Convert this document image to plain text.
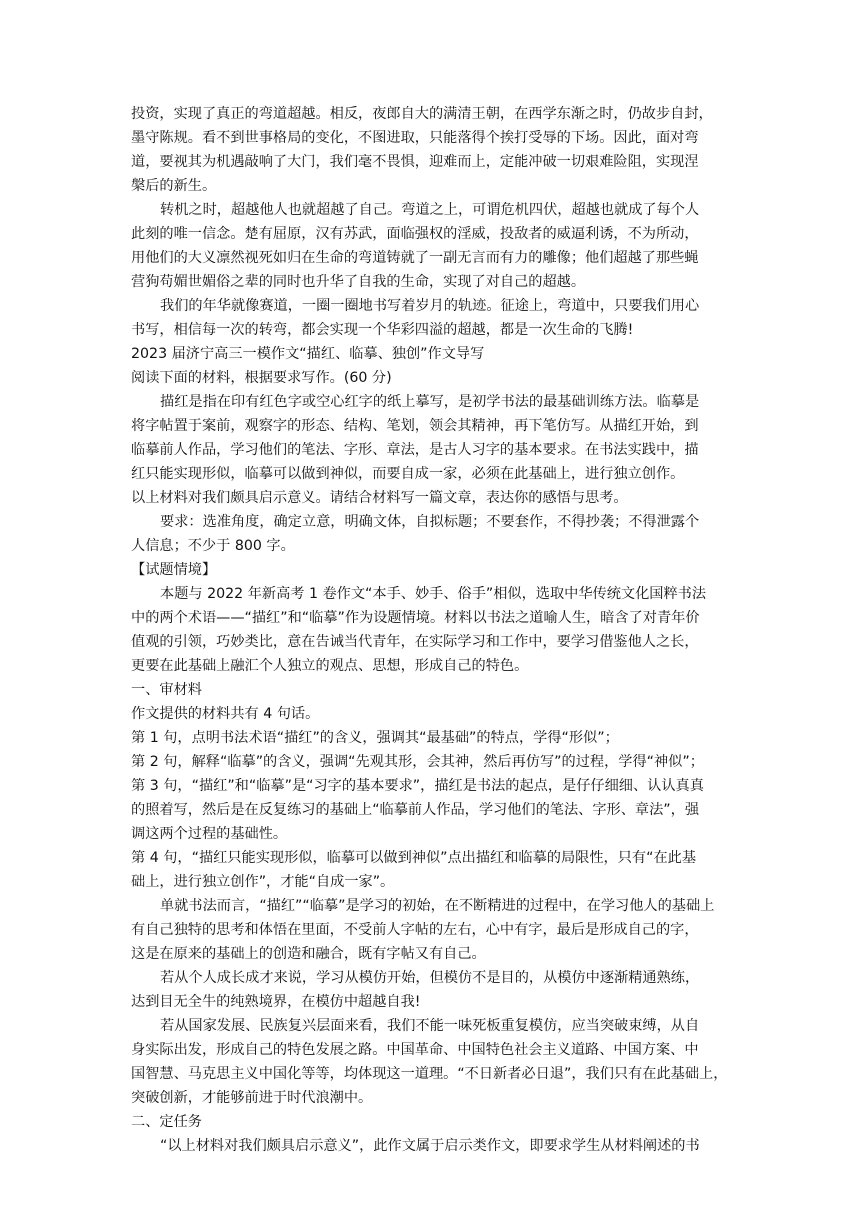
投资，实现了真正的弯道超越。相反，夜郎自大的满清王朝，在西学东渐之时，仍故步自封，
墨守陈规。看不到世事格局的变化，不图进取，只能落得个挨打受辱的下场。因此，面对弯
道，要视其为机遇敲响了大门，我们毫不畏惧，迎难而上，定能冲破一切艰难险阻，实现涅
槃后的新生。
转机之时，超越他人也就超越了自己。弯道之上，可谓危机四伏，超越也就成了每个人
此刻的唯一信念。楚有屈原，汉有苏武，面临强权的淫威，投敌者的威逼利诱，不为所动，
用他们的大义凛然视死如归在生命的弯道铸就了一副无言而有力的雕像；他们超越了那些蝇
营狗苟媚世媚俗之辈的同时也升华了自我的生命，实现了对自己的超越。
我们的年华就像赛道，一圈一圈地书写着岁月的轨迹。征途上，弯道中，只要我们用心
书写，相信每一次的转弯，都会实现一个华彩四溢的超越，都是一次生命的飞腾!
2023 届济宁高三一模作文“描红、临摹、独创”作文导写
阅读下面的材料，根据要求写作。(60 分)
描红是指在印有红色字或空心红字的纸上摹写，是初学书法的最基础训练方法。临摹是
将字帖置于案前，观察字的形态、结构、笔划，领会其精神，再下笔仿写。从描红开始，到
临摹前人作品，学习他们的笔法、字形、章法，是古人习字的基本要求。在书法实践中，描
红只能实现形似，临摹可以做到神似，而要自成一家，必须在此基础上，进行独立创作。
以上材料对我们颇具启示意义。请结合材料写一篇文章，表达你的感悟与思考。
要求：选准角度，确定立意，明确文体，自拟标题；不要套作，不得抄袭；不得泄露个
人信息；不少于 800 字。
【试题情境】
本题与 2022 年新高考 1 卷作文“本手、妙手、俗手”相似，选取中华传统文化国粹书法
中的两个术语——“描红”和“临摹”作为设题情境。材料以书法之道喻人生，暗含了对青年价
值观的引领，巧妙类比，意在告诫当代青年，在实际学习和工作中，要学习借鉴他人之长，
更要在此基础上融汇个人独立的观点、思想，形成自己的特色。
一、审材料
作文提供的材料共有 4 句话。
第 1 句，点明书法术语“描红”的含义，强调其“最基础”的特点，学得“形似”；
第 2 句，解释“临摹”的含义，强调“先观其形，会其神，然后再仿写”的过程，学得“神似”；
第 3 句，“描红”和“临摹”是“习字的基本要求”，描红是书法的起点，是仔仔细细、认认真真
的照着写，然后是在反复练习的基础上“临摹前人作品，学习他们的笔法、字形、章法”，强
调这两个过程的基础性。
第 4 句，“描红只能实现形似，临摹可以做到神似”点出描红和临摹的局限性，只有“在此基
础上，进行独立创作”，才能“自成一家”。
单就书法而言，“描红”“临摹”是学习的初始，在不断精进的过程中，在学习他人的基础上
有自己独特的思考和体悟在里面，不受前人字帖的左右，心中有字，最后是形成自己的字，
这是在原来的基础上的创造和融合，既有字帖又有自己。
若从个人成长成才来说，学习从模仿开始，但模仿不是目的，从模仿中逐渐精通熟练，
达到目无全牛的纯熟境界，在模仿中超越自我!
若从国家发展、民族复兴层面来看，我们不能一味死板重复模仿，应当突破束缚，从自
身实际出发，形成自己的特色发展之路。中国革命、中国特色社会主义道路、中国方案、中
国智慧、马克思主义中国化等等，均体现这一道理。“不日新者必日退”，我们只有在此基础上，
突破创新，才能够前进于时代浪潮中。
二、定任务
“以上材料对我们颇具启示意义”，此作文属于启示类作文，即要求学生从材料阐述的书
